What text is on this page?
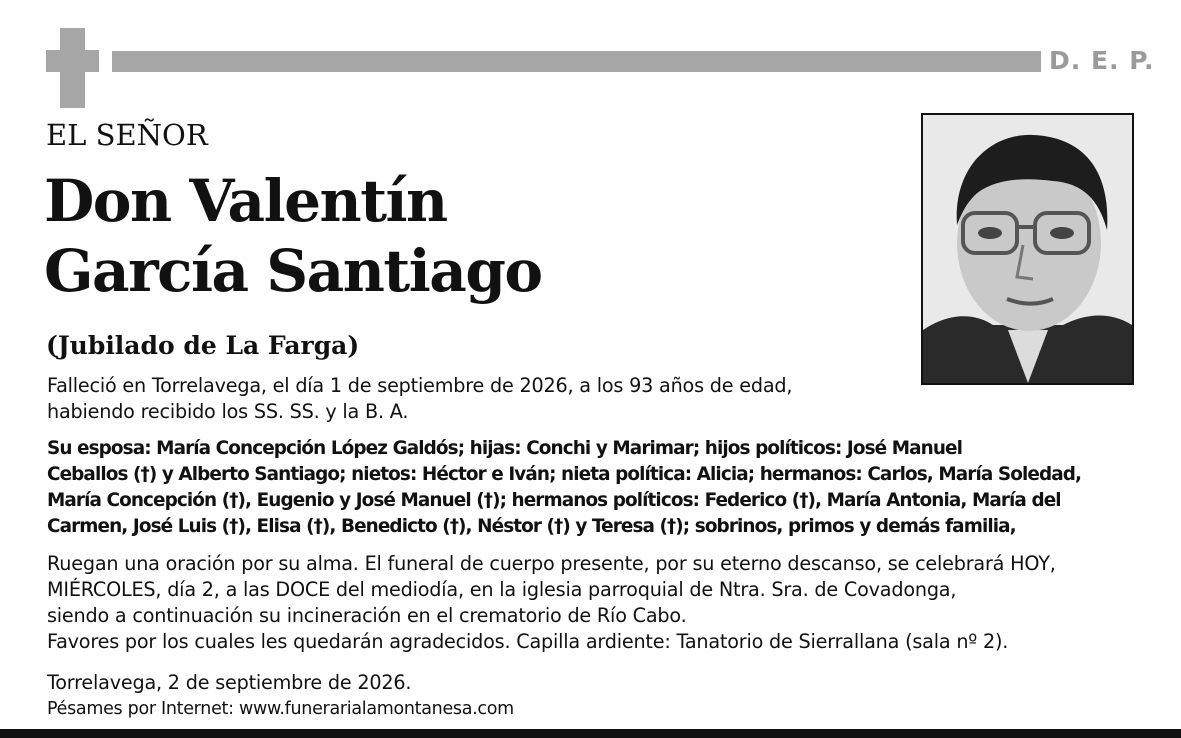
D. E. P.
EL SEÑOR
Don Valentín
García Santiago
(Jubilado de La Farga)
Falleció en Torrelavega, el día 1 de septiembre de 2026, a los 93 años de edad,
habiendo recibido los SS. SS. y la B. A.
Su esposa: María Concepción López Galdós; hijas: Conchi y Marimar; hijos políticos: José Manuel
Ceballos (†) y Alberto Santiago; nietos: Héctor e Iván; nieta política: Alicia; hermanos: Carlos, María Soledad,
María Concepción (†), Eugenio y José Manuel (†); hermanos políticos: Federico (†), María Antonia, María del
Carmen, José Luis (†), Elisa (†), Benedicto (†), Néstor (†) y Teresa (†); sobrinos, primos y demás familia,
Ruegan una oración por su alma. El funeral de cuerpo presente, por su eterno descanso, se celebrará HOY,
MIÉRCOLES, día 2, a las DOCE del mediodía, en la iglesia parroquial de Ntra. Sra. de Covadonga,
siendo a continuación su incineración en el crematorio de Río Cabo.
Favores por los cuales les quedarán agradecidos. Capilla ardiente: Tanatorio de Sierrallana (sala nº 2).
Torrelavega, 2 de septiembre de 2026.
Pésames por Internet: www.funerarialamontanesa.com
